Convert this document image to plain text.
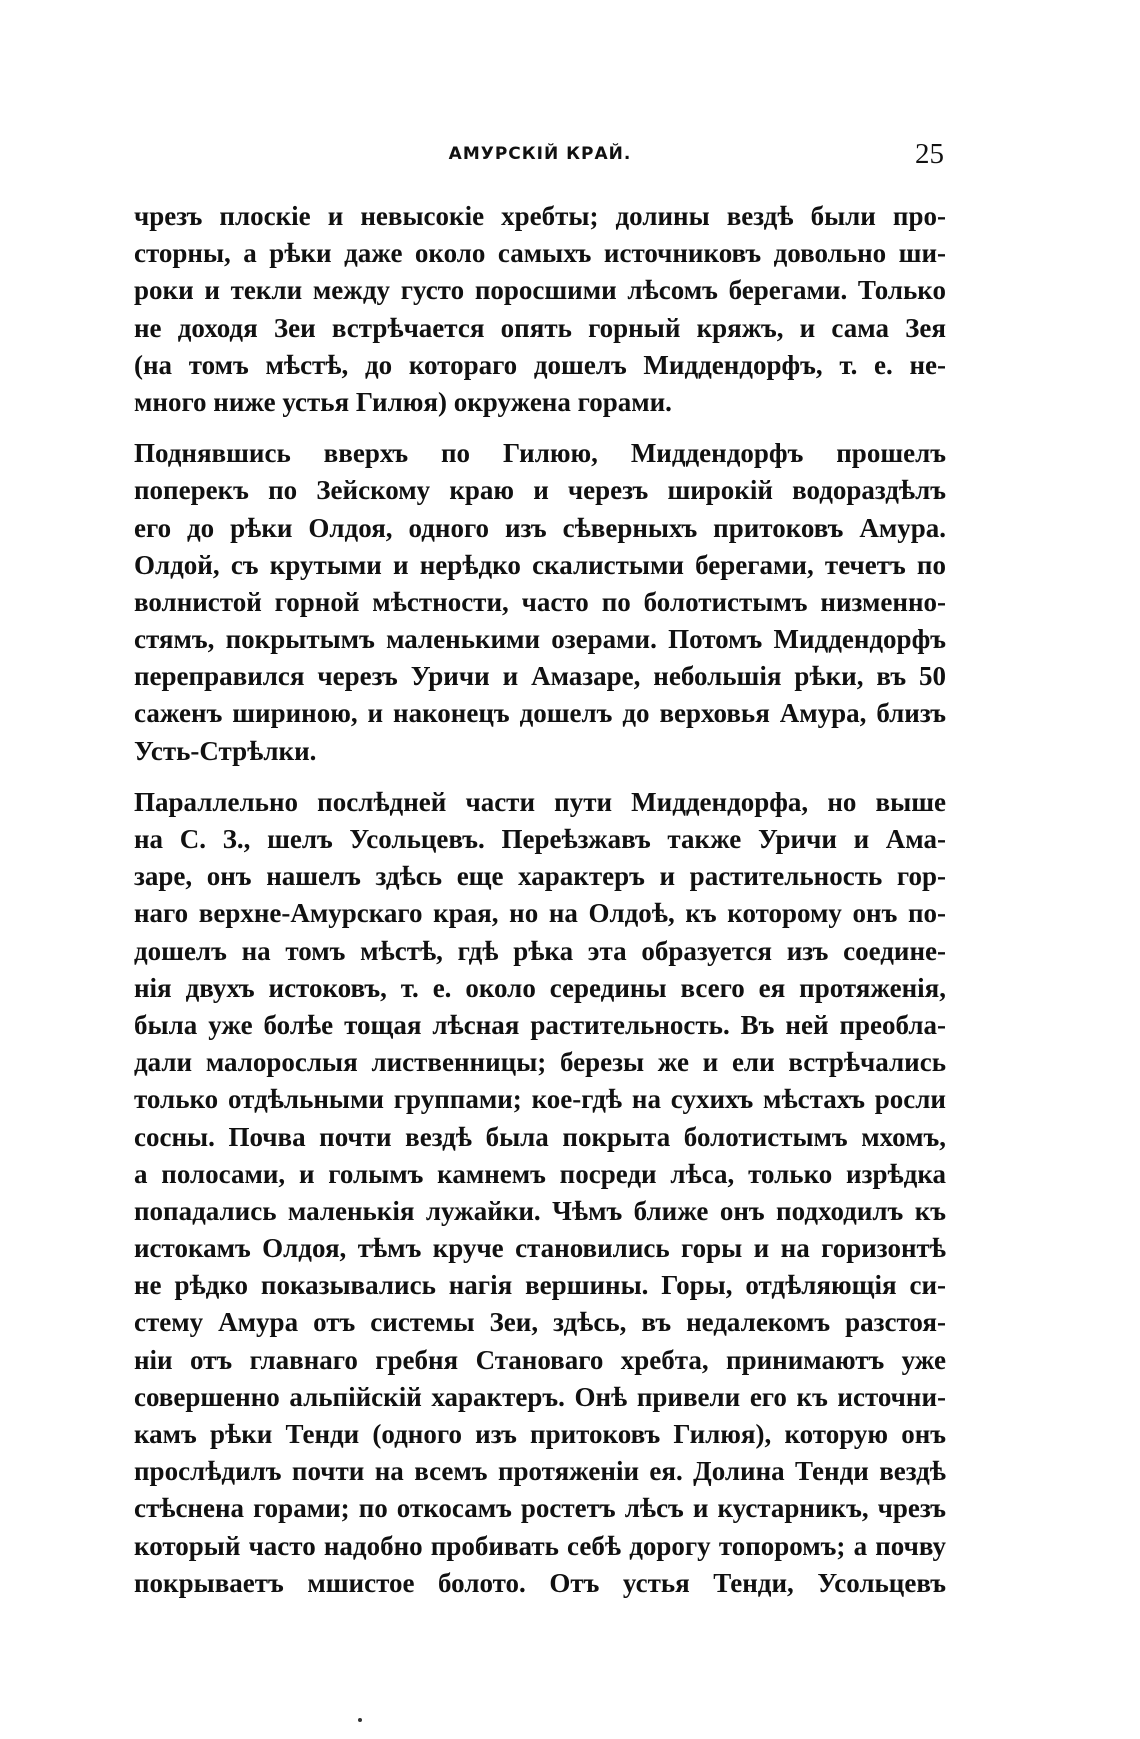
АМУРСКІЙ КРАЙ.	25
чрезъ плоскіе и невысокіе хребты; долины вездѣ были про-
сторны, а рѣки даже около самыхъ источниковъ довольно ши-
роки и текли между густо поросшими лѣсомъ берегами. Только
не доходя Зеи встрѣчается опять горный кряжъ, и сама Зея
(на томъ мѣстѣ, до котораго дошелъ Миддендорфъ, т. е. не-
много ниже устья Гилюя) окружена горами.
Поднявшись вверхъ по Гилюю, Миддендорфъ прошелъ
поперекъ по Зейскому краю и черезъ широкій водораздѣлъ
его до рѣки Олдоя, одного изъ сѣверныхъ притоковъ Амура.
Олдой, съ крутыми и нерѣдко скалистыми берегами, течетъ по
волнистой горной мѣстности, часто по болотистымъ низменно-
стямъ, покрытымъ маленькими озерами. Потомъ Миддендорфъ
переправился черезъ Уричи и Амазаре, небольшія рѣки, въ 50
саженъ шириною, и наконецъ дошелъ до верховья Амура, близъ
Усть-Стрѣлки.
Параллельно послѣдней части пути Миддендорфа, но выше
на С. З., шелъ Усольцевъ. Переѣзжавъ также Уричи и Ама-
заре, онъ нашелъ здѣсь еще характеръ и растительность гор-
наго верхне-Амурскаго края, но на Олдоѣ, къ которому онъ по-
дошелъ на томъ мѣстѣ, гдѣ рѣка эта образуется изъ соедине-
нія двухъ истоковъ, т. е. около середины всего ея протяженія,
была уже болѣе тощая лѣсная растительность. Въ ней преобла-
дали малорослыя лиственницы; березы же и ели встрѣчались
только отдѣльными группами; кое-гдѣ на сухихъ мѣстахъ росли
сосны. Почва почти вездѣ была покрыта болотистымъ мхомъ,
а полосами, и голымъ камнемъ посреди лѣса, только изрѣдка
попадались маленькія лужайки. Чѣмъ ближе онъ подходилъ къ
истокамъ Олдоя, тѣмъ круче становились горы и на горизонтѣ
не рѣдко показывались нагія вершины. Горы, отдѣляющія си-
стему Амура отъ системы Зеи, здѣсь, въ недалекомъ разстоя-
ніи отъ главнаго гребня Становаго хребта, принимаютъ уже
совершенно альпійскій характеръ. Онѣ привели его къ источни-
камъ рѣки Тенди (одного изъ притоковъ Гилюя), которую онъ
прослѣдилъ почти на всемъ протяженіи ея. Долина Тенди вездѣ
стѣснена горами; по откосамъ ростетъ лѣсъ и кустарникъ, чрезъ
который часто надобно пробивать себѣ дорогу топоромъ; а почву
покрываетъ мшистое болото. Отъ устья Тенди, Усольцевъ
